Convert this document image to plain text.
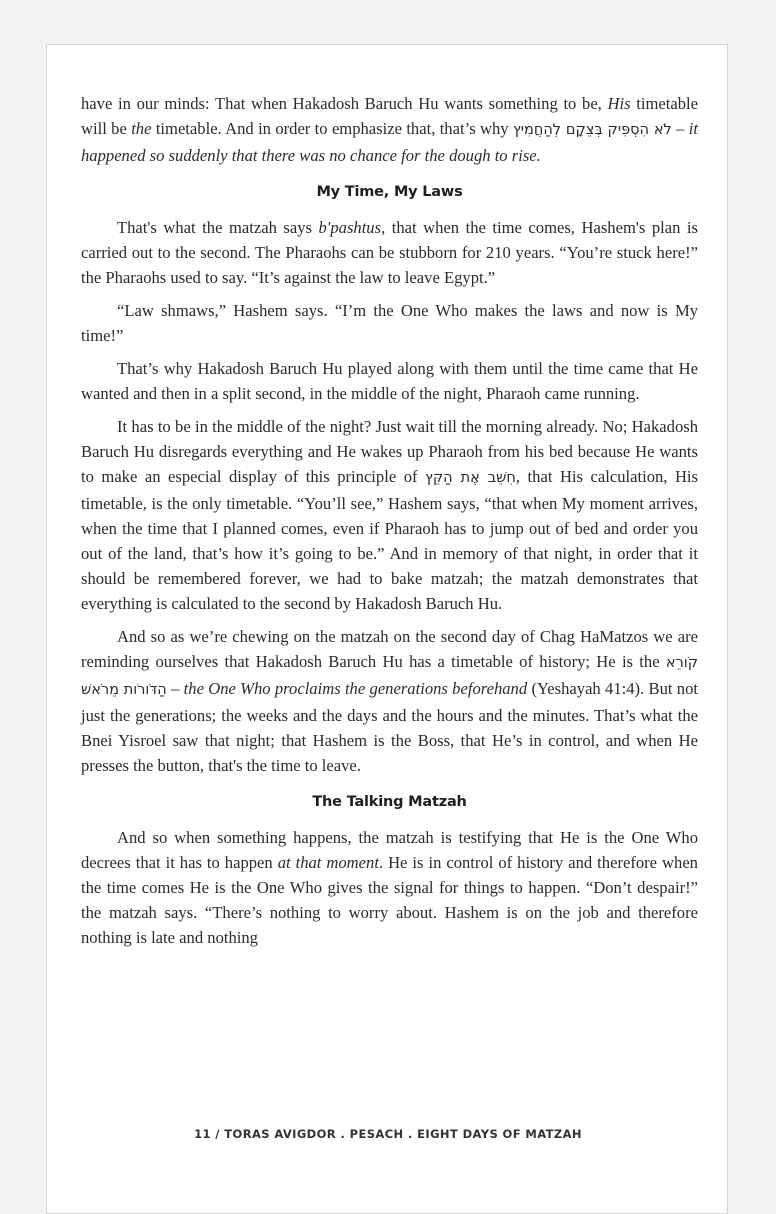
have in our minds: That when Hakadosh Baruch Hu wants something to be, His timetable will be the timetable. And in order to emphasize that, that’s why לֹא הִסְפִּיק בְּצֵקָם לְהַחֲמִיץ – it happened so suddenly that there was no chance for the dough to rise.

My Time, My Laws

That's what the matzah says b'pashtus, that when the time comes, Hashem's plan is carried out to the second. The Pharaohs can be stubborn for 210 years. “You’re stuck here!” the Pharaohs used to say. “It’s against the law to leave Egypt.”

“Law shmaws,” Hashem says. “I’m the One Who makes the laws and now is My time!”

That’s why Hakadosh Baruch Hu played along with them until the time came that He wanted and then in a split second, in the middle of the night, Pharaoh came running.

It has to be in the middle of the night? Just wait till the morning already. No; Hakadosh Baruch Hu disregards everything and He wakes up Pharaoh from his bed because He wants to make an especial display of this principle of חִשֵּׁב אֶת הַקֵּץ, that His calculation, His timetable, is the only timetable. “You’ll see,” Hashem says, “that when My moment arrives, when the time that I planned comes, even if Pharaoh has to jump out of bed and order you out of the land, that’s how it’s going to be.” And in memory of that night, in order that it should be remembered forever, we had to bake matzah; the matzah demonstrates that everything is calculated to the second by Hakadosh Baruch Hu.

And so as we’re chewing on the matzah on the second day of Chag HaMatzos we are reminding ourselves that Hakadosh Baruch Hu has a timetable of history; He is the קֹורֵא הַדֹּורֹות מֵרֹאשׁ – the One Who proclaims the generations beforehand (Yeshayah 41:4). But not just the generations; the weeks and the days and the hours and the minutes. That’s what the Bnei Yisroel saw that night; that Hashem is the Boss, that He’s in control, and when He presses the button, that's the time to leave.

The Talking Matzah

And so when something happens, the matzah is testifying that He is the One Who decrees that it has to happen at that moment. He is in control of history and therefore when the time comes He is the One Who gives the signal for things to happen. “Don’t despair!” the matzah says. “There’s nothing to worry about. Hashem is on the job and therefore nothing is late and nothing

11 / TORAS AVIGDOR . PESACH . EIGHT DAYS OF MATZAH
